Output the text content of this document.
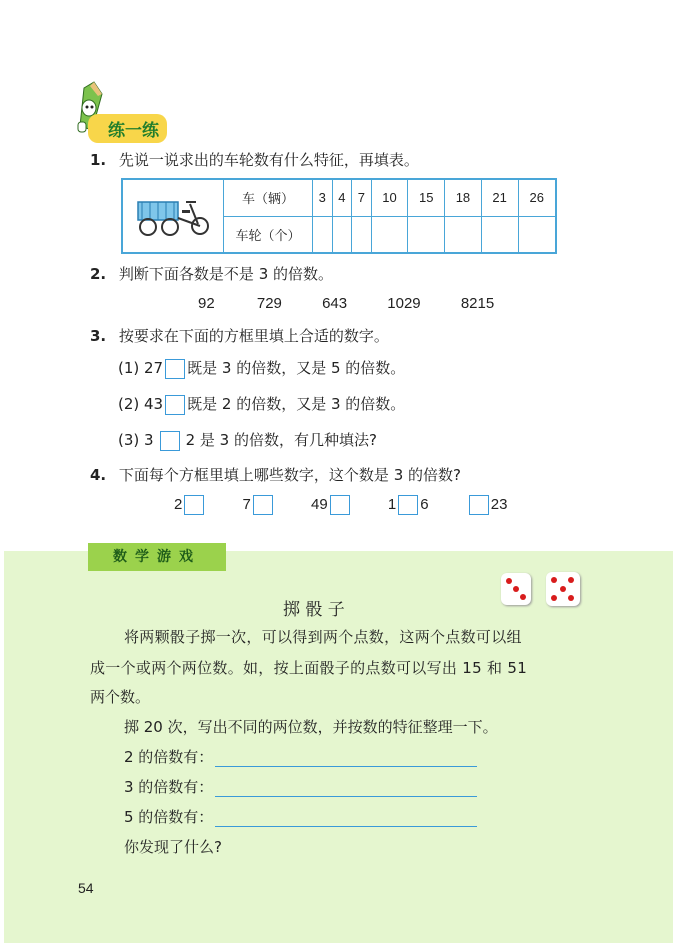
练一练
1. 先说一说求出的车轮数有什么特征，再填表。
	车（辆）	3	4	7	10	15	18	21	26
	车轮（个）								
2. 判断下面各数是不是 3 的倍数。
92	729	643	1029	8215
3. 按要求在下面的方框里填上合适的数字。
(1) 27 既是 3 的倍数，又是 5 的倍数。
(2) 43 既是 2 的倍数，又是 3 的倍数。
(3) 3 2 是 3 的倍数，有几种填法?
4. 下面每个方框里填上哪些数字，这个数是 3 的倍数?
2	7	49	1 6	23
数学游戏
掷 骰 子
将两颗骰子掷一次，可以得到两个点数，这两个点数可以组
成一个或两个两位数。如，按上面骰子的点数可以写出 15 和 51
两个数。
掷 20 次，写出不同的两位数，并按数的特征整理一下。
2 的倍数有：
3 的倍数有：
5 的倍数有：
你发现了什么?
54
